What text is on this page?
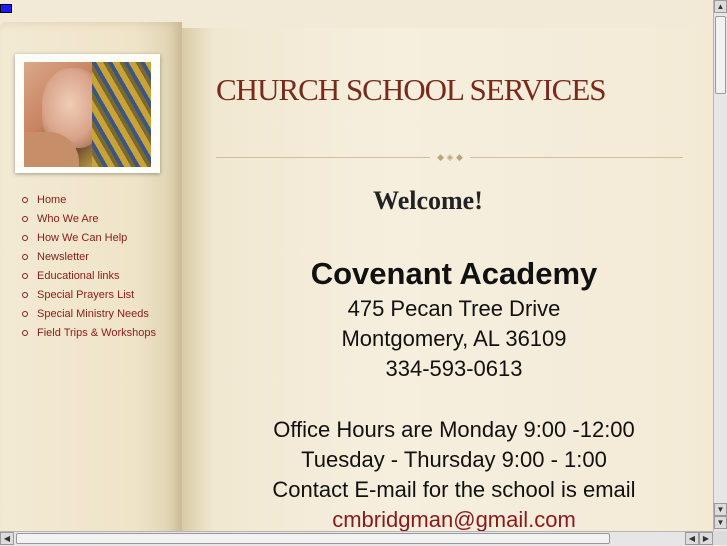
Home
Who We Are
How We Can Help
Newsletter
Educational links
Special Prayers List
Special Ministry Needs
Field Trips & Workshops
CHURCH SCHOOL SERVICES
◆ ◈ ◆
Welcome!
Covenant Academy
475 Pecan Tree Drive
Montgomery, AL 36109
334-593-0613
Office Hours are Monday 9:00 -12:00
Tuesday - Thursday 9:00 - 1:00
Contact E-mail for the school is email
cmbridgman@gmail.com
▲
▼
▼
◀	◀ ▶
